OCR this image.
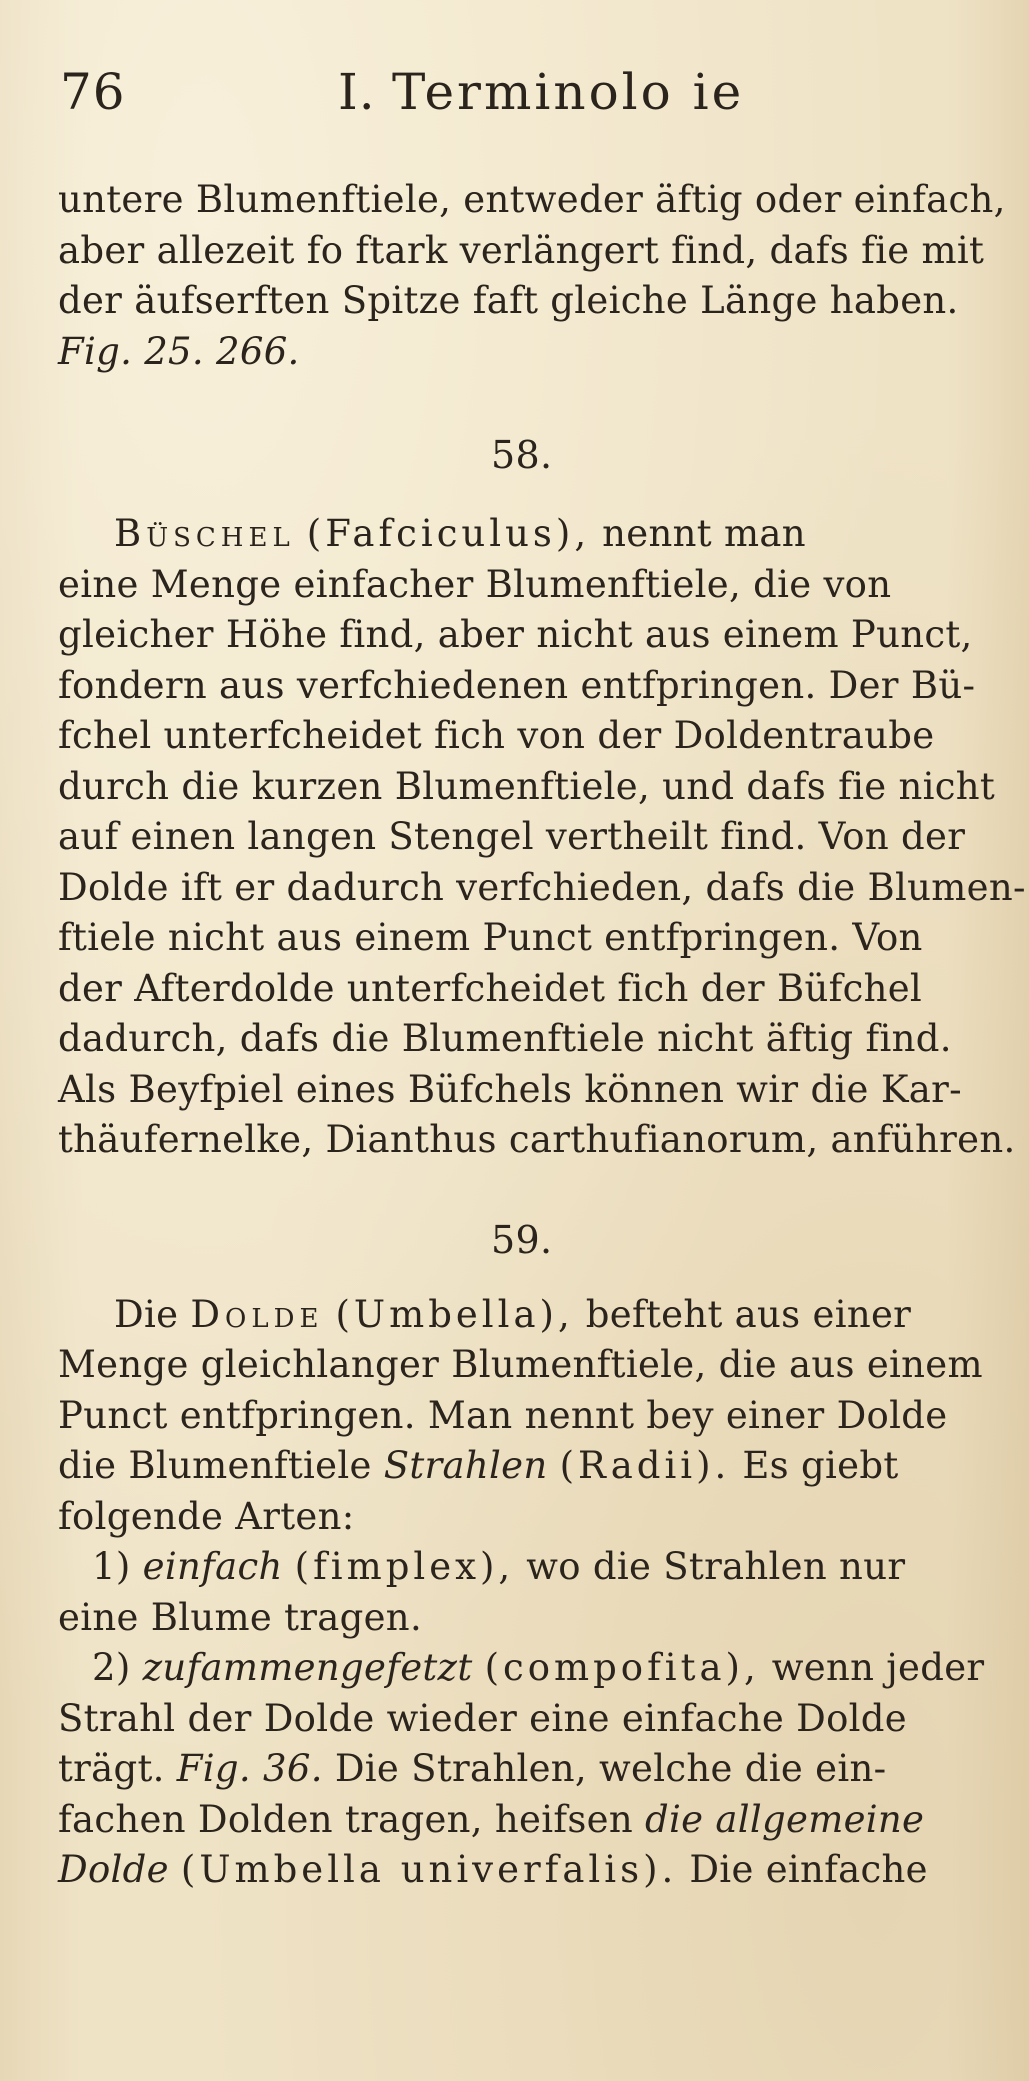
76	I. Terminolo ie

untere Blumenftiele, entweder äftig oder einfach,

aber allezeit fo ftark verlängert find, dafs fie mit

der äufserften Spitze faft gleiche Länge haben.

Fig. 25. 266.

58.

Büschel (Fafciculus), nennt man

eine Menge einfacher Blumenftiele, die von

gleicher Höhe find, aber nicht aus einem Punct,

fondern aus verfchiedenen entfpringen. Der Bü-

fchel unterfcheidet fich von der Doldentraube

durch die kurzen Blumenftiele, und dafs fie nicht

auf einen langen Stengel vertheilt find. Von der

Dolde ift er dadurch verfchieden, dafs die Blumen-

ftiele nicht aus einem Punct entfpringen. Von

der Afterdolde unterfcheidet fich der Büfchel

dadurch, dafs die Blumenftiele nicht äftig find.

Als Beyfpiel eines Büfchels können wir die Kar-

thäufernelke, Dianthus carthufianorum, anführen.

59.

Die Dolde (Umbella), befteht aus einer

Menge gleichlanger Blumenftiele, die aus einem

Punct entfpringen. Man nennt bey einer Dolde

die Blumenftiele Strahlen (Radii). Es giebt

folgende Arten:

1) einfach (fimplex), wo die Strahlen nur

eine Blume tragen.

2) zufammengefetzt (compofita), wenn jeder

Strahl der Dolde wieder eine einfache Dolde

trägt. Fig. 36. Die Strahlen, welche die ein-

fachen Dolden tragen, heifsen die allgemeine

Dolde (Umbella univerfalis). Die einfache
